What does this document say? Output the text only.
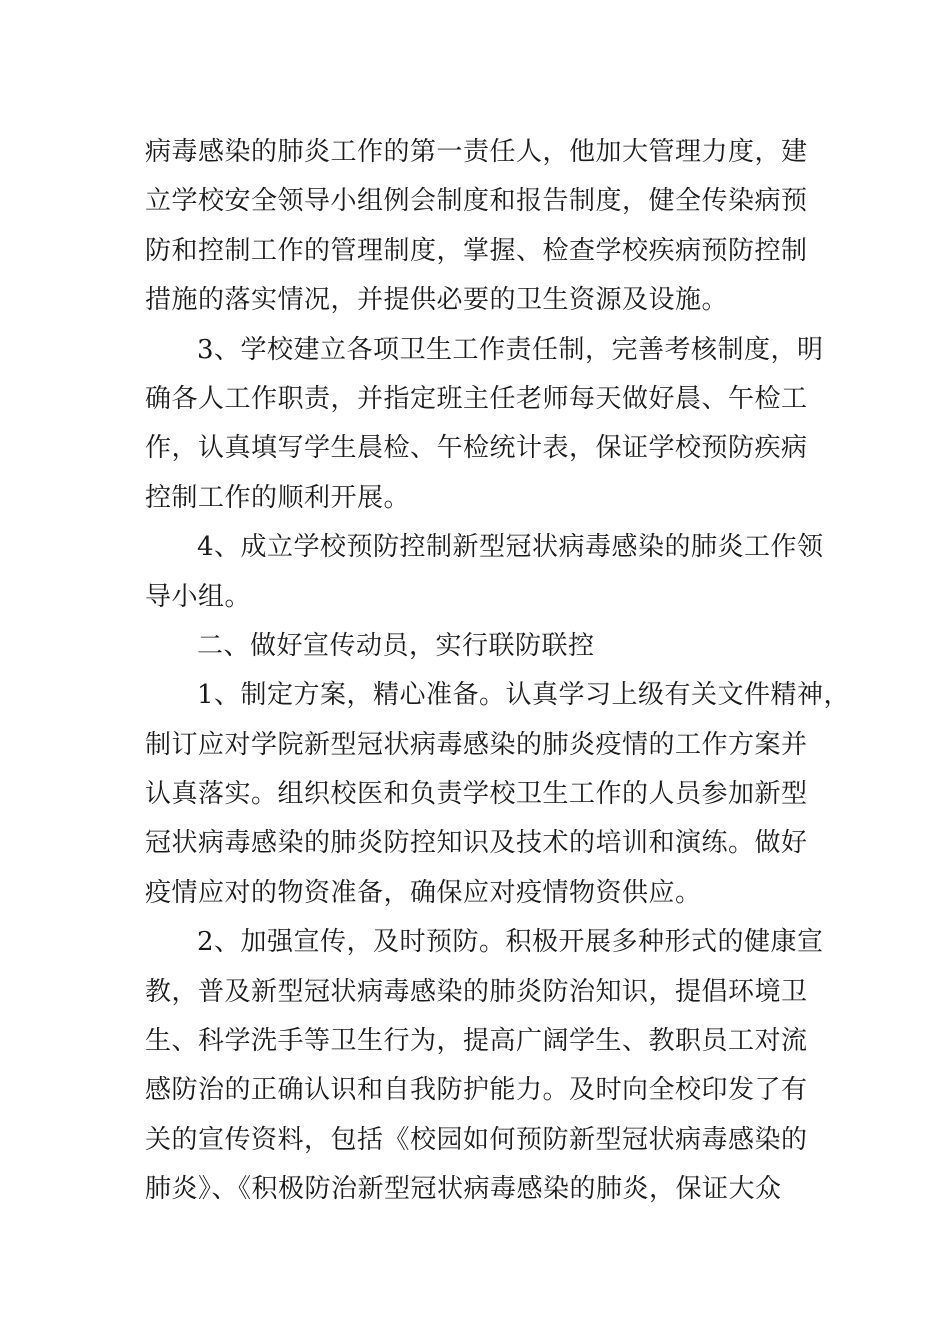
病毒感染的肺炎工作的第一责任人，他加大管理力度，建
立学校安全领导小组例会制度和报告制度，健全传染病预
防和控制工作的管理制度，掌握、检查学校疾病预防控制
措施的落实情况，并提供必要的卫生资源及设施。
3、学校建立各项卫生工作责任制，完善考核制度，明
确各人工作职责，并指定班主任老师每天做好晨、午检工
作，认真填写学生晨检、午检统计表，保证学校预防疾病
控制工作的顺利开展。
4、成立学校预防控制新型冠状病毒感染的肺炎工作领
导小组。
二、做好宣传动员，实行联防联控
1、制定方案，精心准备。认真学习上级有关文件精神，
制订应对学院新型冠状病毒感染的肺炎疫情的工作方案并
认真落实。组织校医和负责学校卫生工作的人员参加新型
冠状病毒感染的肺炎防控知识及技术的培训和演练。做好
疫情应对的物资准备，确保应对疫情物资供应。
2、加强宣传，及时预防。积极开展多种形式的健康宣
教，普及新型冠状病毒感染的肺炎防治知识，提倡环境卫
生、科学洗手等卫生行为，提高广阔学生、教职员工对流
感防治的正确认识和自我防护能力。及时向全校印发了有
关的宣传资料，包括《校园如何预防新型冠状病毒感染的
肺炎》、《积极防治新型冠状病毒感染的肺炎，保证大众
